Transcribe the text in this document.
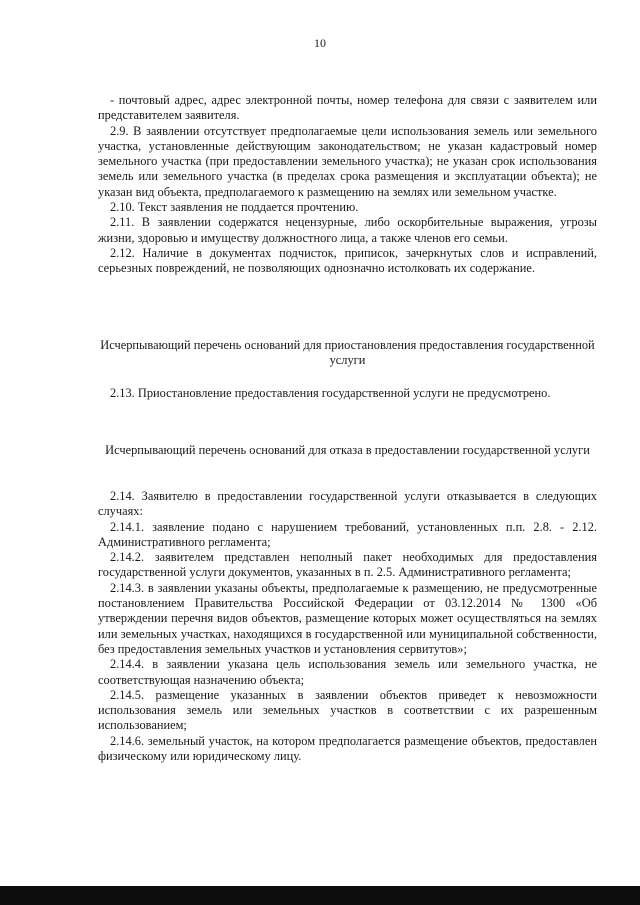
10

- почтовый адрес, адрес электронной почты, номер телефона для связи с заявителем или представителем заявителя.

2.9. В заявлении отсутствует предполагаемые цели использования земель или земельного участка, установленные действующим законодательством; не указан кадастровый номер земельного участка (при предоставлении земельного участка); не указан срок использования земель или земельного участка (в пределах срока размещения и эксплуатации объекта); не указан вид объекта, предполагаемого к размещению на землях или земельном участке.

2.10. Текст заявления не поддается прочтению.

2.11. В заявлении содержатся нецензурные, либо оскорбительные выражения, угрозы жизни, здоровью и имуществу должностного лица, а также членов его семьи.

2.12. Наличие в документах подчисток, приписок, зачеркнутых слов и исправлений, серьезных повреждений, не позволяющих однозначно истолковать их содержание.

Исчерпывающий перечень оснований для приостановления предоставления государственной услуги

2.13. Приостановление предоставления государственной услуги не предусмотрено.

Исчерпывающий перечень оснований для отказа в предоставлении государственной услуги

2.14. Заявителю в предоставлении государственной услуги отказывается в следующих случаях:

2.14.1. заявление подано с нарушением требований, установленных п.п. 2.8. - 2.12. Административного регламента;

2.14.2. заявителем представлен неполный пакет необходимых для предоставления государственной услуги документов, указанных в п. 2.5. Административного регламента;

2.14.3. в заявлении указаны объекты, предполагаемые к размещению, не предусмотренные постановлением Правительства Российской Федерации от 03.12.2014 № 1300 «Об утверждении перечня видов объектов, размещение которых может осуществляться на землях или земельных участках, находящихся в государственной или муниципальной собственности, без предоставления земельных участков и установления сервитутов»;

2.14.4. в заявлении указана цель использования земель или земельного участка, не соответствующая назначению объекта;

2.14.5. размещение указанных в заявлении объектов приведет к невозможности использования земель или земельных участков в соответствии с их разрешенным использованием;

2.14.6. земельный участок, на котором предполагается размещение объектов, предоставлен физическому или юридическому лицу.
